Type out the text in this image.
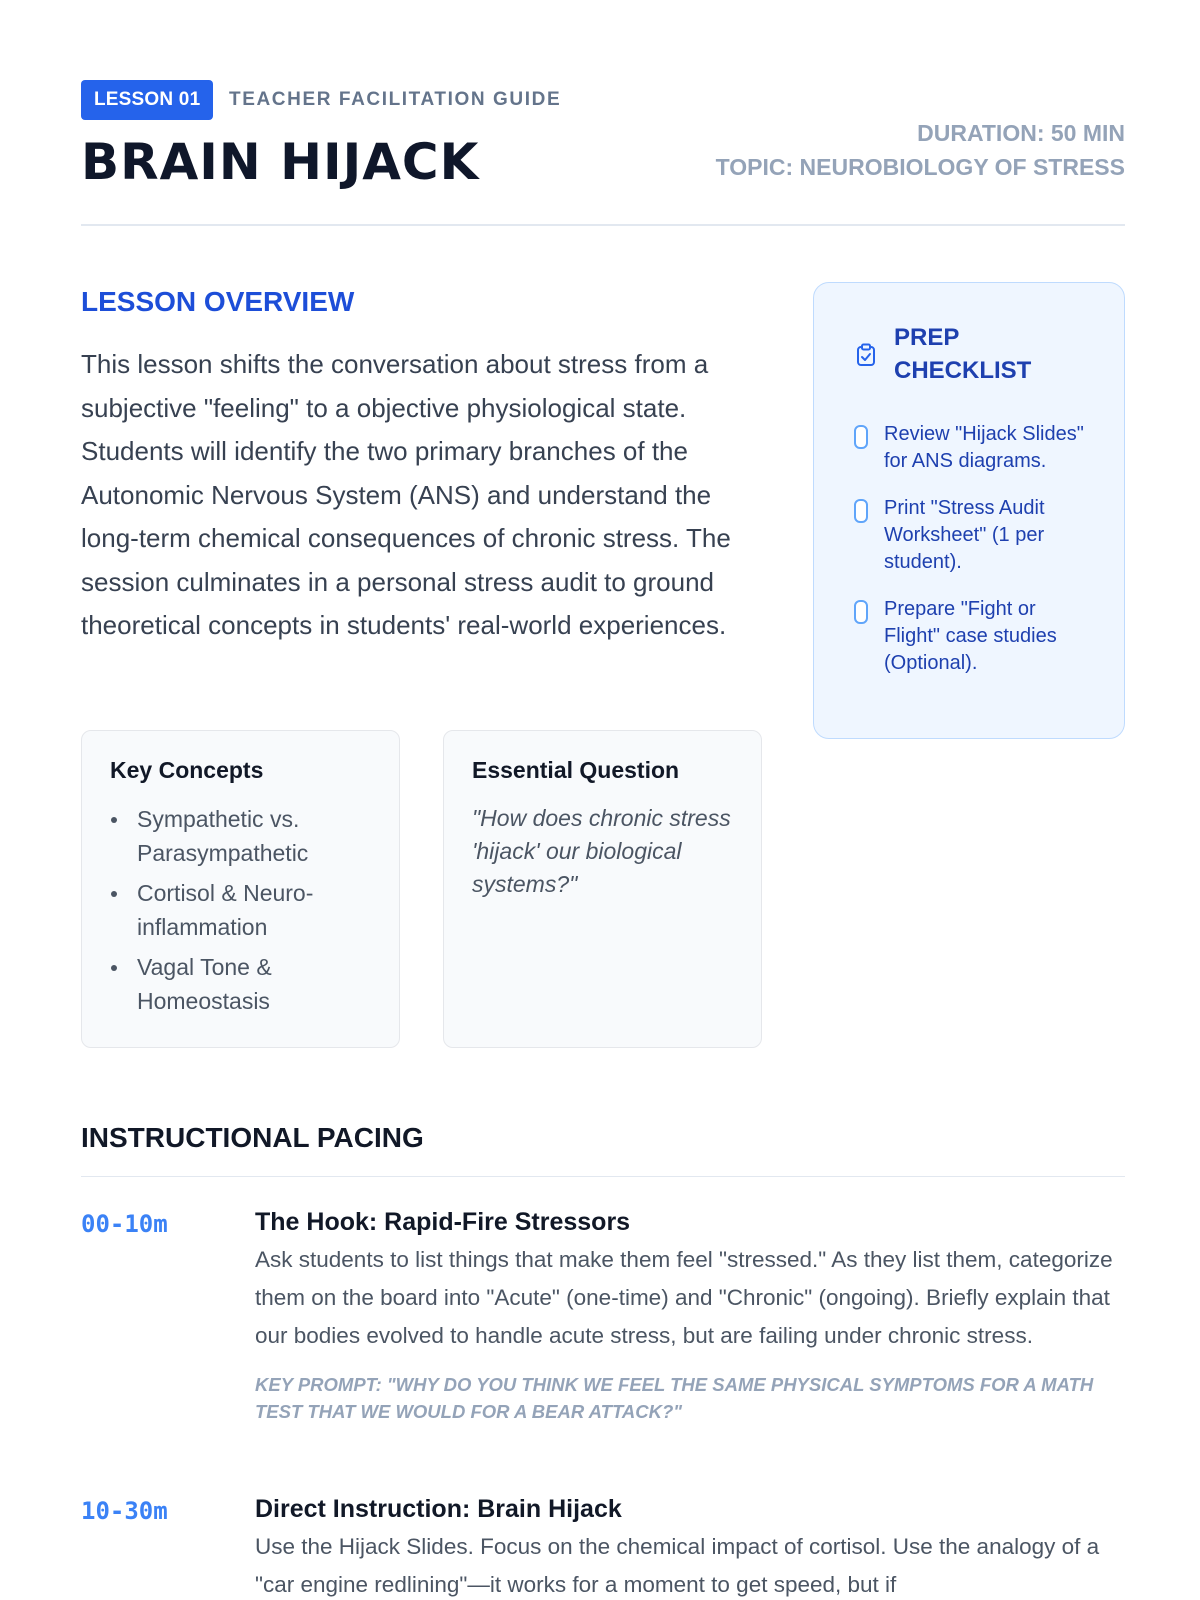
LESSON 01	TEACHER FACILITATION GUIDE
BRAIN HIJACK	DURATION: 50 MIN
TOPIC: NEUROBIOLOGY OF STRESS
LESSON OVERVIEW

This lesson shifts the conversation about stress from a subjective "feeling" to a objective physiological state. Students will identify the two primary branches of the Autonomic Nervous System (ANS) and understand the long-term chemical consequences of chronic stress. The session culminates in a personal stress audit to ground theoretical concepts in students' real-world experiences.

Key Concepts
Sympathetic vs. Parasympathetic
Cortisol & Neuro-inflammation
Vagal Tone & Homeostasis
Essential Question

"How does chronic stress 'hijack' our biological systems?"

PREP CHECKLIST
Review "Hijack Slides" for ANS diagrams.
Print "Stress Audit Worksheet" (1 per student).
Prepare "Fight or Flight" case studies (Optional).
INSTRUCTIONAL PACING
00-10m	The Hook: Rapid-Fire Stressors
Ask students to list things that make them feel "stressed." As they list them, categorize them on the board into "Acute" (one-time) and "Chronic" (ongoing). Briefly explain that our bodies evolved to handle acute stress, but are failing under chronic stress.
KEY PROMPT: "WHY DO YOU THINK WE FEEL THE SAME PHYSICAL SYMPTOMS FOR A MATH TEST THAT WE WOULD FOR A BEAR ATTACK?"
10-30m	Direct Instruction: Brain Hijack
Use the Hijack Slides. Focus on the chemical impact of cortisol. Use the analogy of a "car engine redlining"—it works for a moment to get speed, but if
